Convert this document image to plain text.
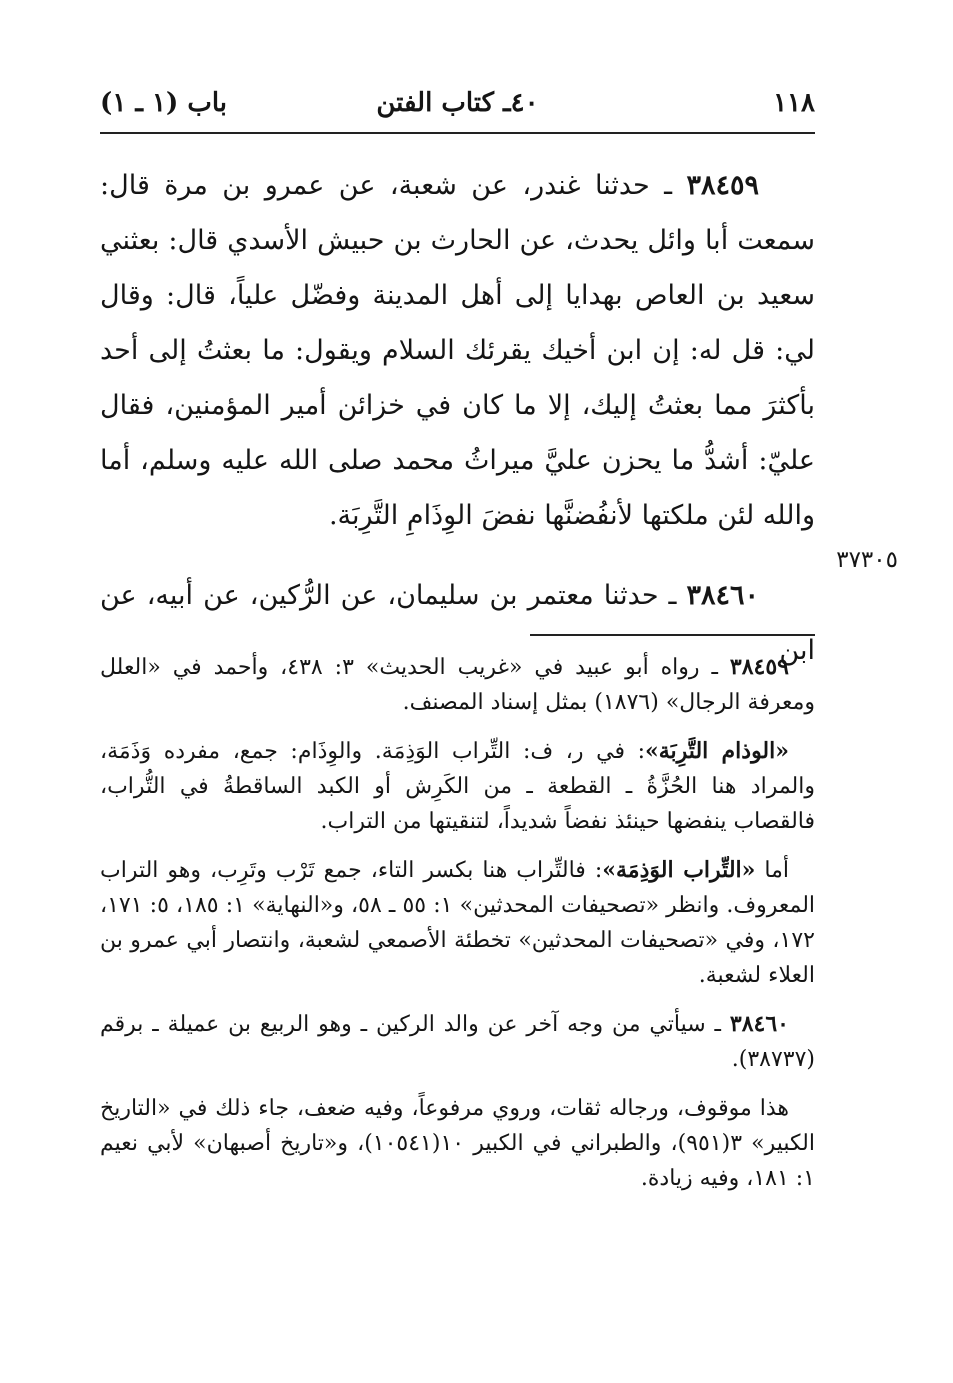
١١٨
٤٠ـ كتاب الفتن
باب (١ ـ ١)

٣٨٤٥٩ ـ حدثنا غندر، عن شعبة، عن عمرو بن مرة قال: سمعت أبا وائل يحدث، عن الحارث بن حبيش الأسدي قال: بعثني سعيد بن العاص بهدايا إلى أهل المدينة وفضّل علياً، قال: وقال لي: قل له: إن ابن أخيك يقرئك السلام ويقول: ما بعثتُ إلى أحد بأكثرَ مما بعثتُ إليك، إلا ما كان في خزائن أمير المؤمنين، فقال عليّ: أشدُّ ما يحزن عليَّ ميراثُ محمد صلى الله عليه وسلم، أما والله لئن ملكتها لأنفُضنَّها نفضَ الوِذَامِ التَّرِبَة.

٣٨٤٦٠ ـ حدثنا معتمر بن سليمان، عن الرُّكين، عن أبيه، عن ابن

٣٧٣٠٥

٣٨٤٥٩ ـ رواه أبو عبيد في «غريب الحديث» ٣: ٤٣٨، وأحمد في «العلل ومعرفة الرجال» (١٨٧٦) بمثل إسناد المصنف.

«الوذام التَّرِبَة»: في ر، ف: التِّراب الوَذِمَة. والوِذَام: جمع، مفرده وَذَمَة، والمراد هنا الحُزَّةُ ـ القطعة ـ من الكَرِش أو الكبد الساقطةُ في التُّراب، فالقصاب ينفضها حينئذ نفضاً شديداً، لتنقيتها من التراب.

أما «التِّراب الوَذِمَة»: فالتِّراب هنا بكسر التاء، جمع تَرْب وتَرِب، وهو التراب المعروف. وانظر «تصحيفات المحدثين» ١: ٥٥ ـ ٥٨، و«النهاية» ١: ١٨٥، ٥: ١٧١، ١٧٢، وفي «تصحيفات المحدثين» تخطئة الأصمعي لشعبة، وانتصار أبي عمرو بن العلاء لشعبة.

٣٨٤٦٠ ـ سيأتي من وجه آخر عن والد الركين ـ وهو الربيع بن عميلة ـ برقم (٣٨٧٣٧).

هذا موقوف، ورجاله ثقات، وروي مرفوعاً، وفيه ضعف، جاء ذلك في «التاريخ الكبير» ٣(٩٥١)، والطبراني في الكبير ١٠(١٠٥٤١)، و«تاريخ أصبهان» لأبي نعيم ١: ١٨١، وفيه زيادة.
